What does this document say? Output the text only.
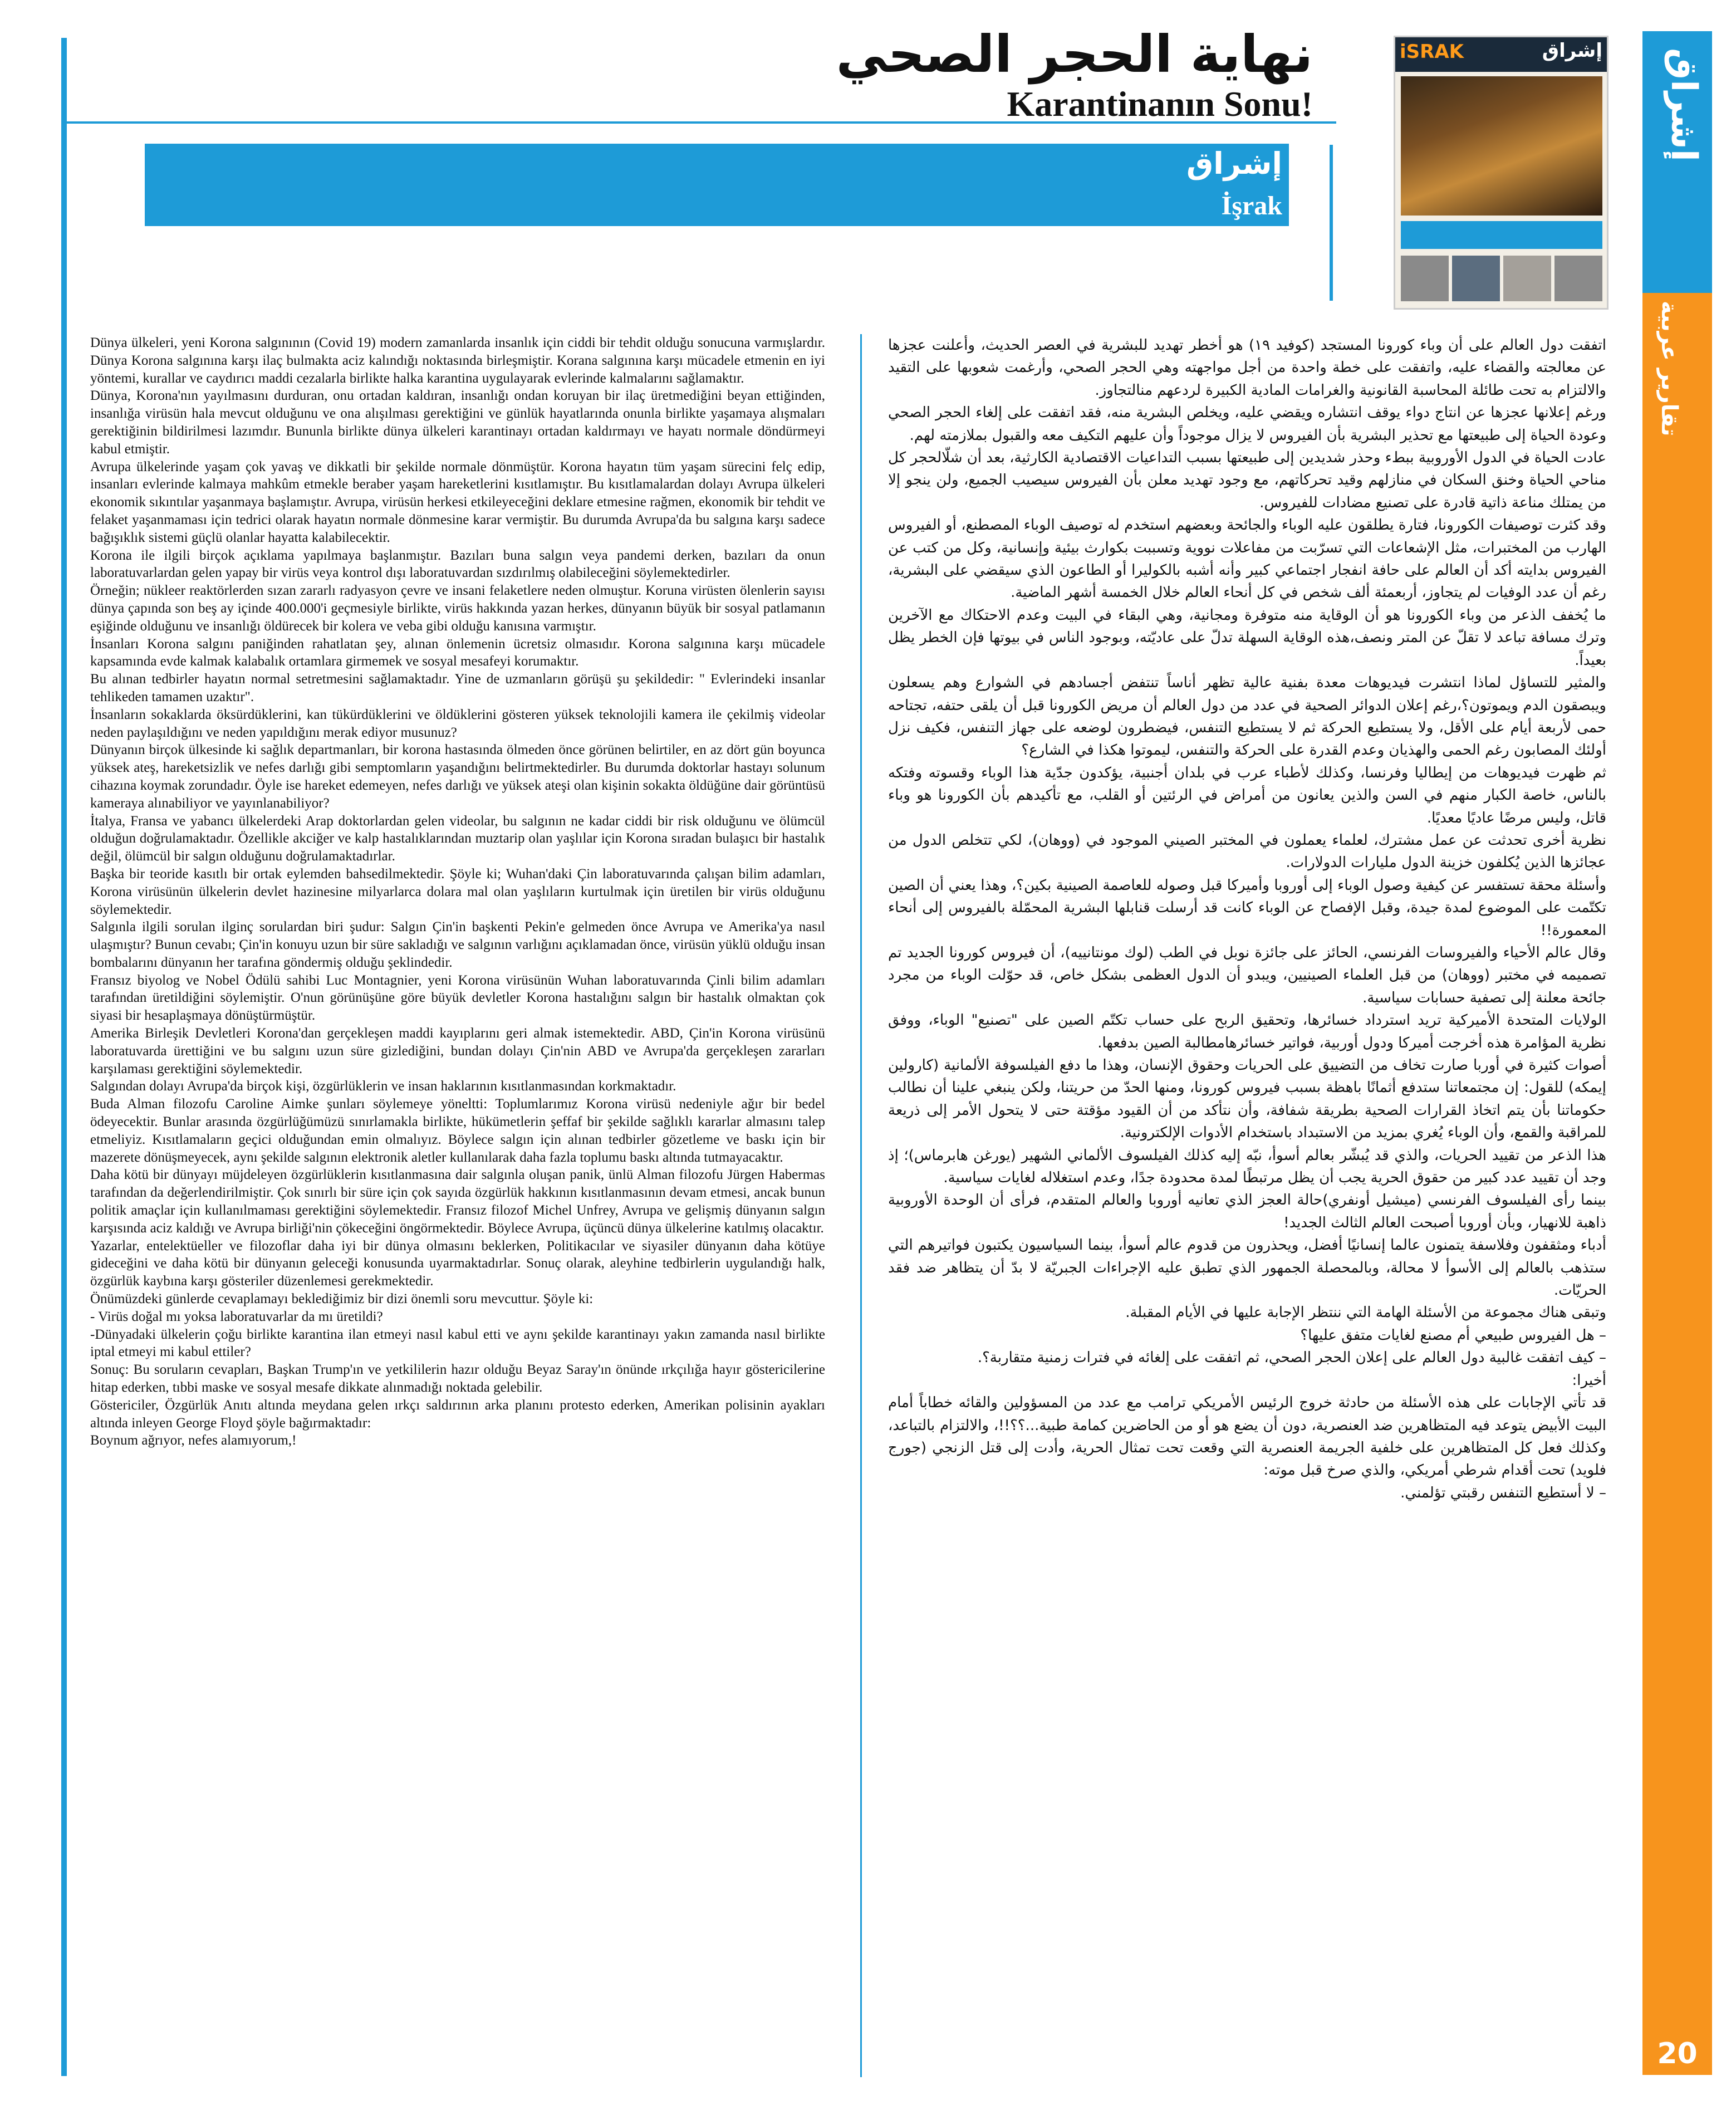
نهاية الحجر الصحي
Karantinanın Sonu!
إشراق
İşrak
iSRAK	إشراق	إشراق
تقارير عربية
20

Dünya ülkeleri, yeni Korona salgınının (Covid 19) modern zamanlarda insanlık için ciddi bir tehdit olduğu sonucuna varmışlardır. Dünya Korona salgınına karşı ilaç bulmakta aciz kalındığı noktasında birleşmiştir. Korana salgınına karşı mücadele etmenin en iyi yöntemi, kurallar ve caydırıcı maddi cezalarla birlikte halka karantina uygulayarak evlerinde kalmalarını sağlamaktır.

Dünya, Korona'nın yayılmasını durduran, onu ortadan kaldıran, insanlığı ondan koruyan bir ilaç üretmediğini beyan ettiğinden, insanlığa virüsün hala mevcut olduğunu ve ona alışılması gerektiğini ve günlük hayatlarında onunla birlikte yaşamaya alışmaları gerektiğinin bildirilmesi lazımdır. Bununla birlikte dünya ülkeleri karantinayı ortadan kaldırmayı ve hayatı normale döndürmeyi kabul etmiştir.

Avrupa ülkelerinde yaşam çok yavaş ve dikkatli bir şekilde normale dönmüştür. Korona hayatın tüm yaşam sürecini felç edip, insanları evlerinde kalmaya mahkûm etmekle beraber yaşam hareketlerini kısıtlamıştır. Bu kısıtlamalardan dolayı Avrupa ülkeleri ekonomik sıkıntılar yaşanmaya başlamıştır. Avrupa, virüsün herkesi etkileyeceğini deklare etmesine rağmen, ekonomik bir tehdit ve felaket yaşanmaması için tedrici olarak hayatın normale dönmesine karar vermiştir. Bu durumda Avrupa'da bu salgına karşı sadece bağışıklık sistemi güçlü olanlar hayatta kalabilecektir.

Korona ile ilgili birçok açıklama yapılmaya başlanmıştır. Bazıları buna salgın veya pandemi derken, bazıları da onun laboratuvarlardan gelen yapay bir virüs veya kontrol dışı laboratuvardan sızdırılmış olabileceğini söylemektedirler.

Örneğin; nükleer reaktörlerden sızan zararlı radyasyon çevre ve insani felaketlere neden olmuştur. Koruna virüsten ölenlerin sayısı dünya çapında son beş ay içinde 400.000'i geçmesiyle birlikte, virüs hakkında yazan herkes, dünyanın büyük bir sosyal patlamanın eşiğinde olduğunu ve insanlığı öldürecek bir kolera ve veba gibi olduğu kanısına varmıştır.

İnsanları Korona salgını paniğinden rahatlatan şey, alınan önlemenin ücretsiz olmasıdır. Korona salgınına karşı mücadele kapsamında evde kalmak kalabalık ortamlara girmemek ve sosyal mesafeyi korumaktır.

Bu alınan tedbirler hayatın normal setretmesini sağlamaktadır. Yine de uzmanların görüşü şu şekildedir: " Evlerindeki insanlar tehlikeden tamamen uzaktır".

İnsanların sokaklarda öksürdüklerini, kan tükürdüklerini ve öldüklerini gösteren yüksek teknolojili kamera ile çekilmiş videolar neden paylaşıldığını ve neden yapıldığını merak ediyor musunuz?

Dünyanın birçok ülkesinde ki sağlık departmanları, bir korona hastasında ölmeden önce görünen belirtiler, en az dört gün boyunca yüksek ateş, hareketsizlik ve nefes darlığı gibi semptomların yaşandığını belirtmektedirler. Bu durumda doktorlar hastayı solunum cihazına koymak zorundadır. Öyle ise hareket edemeyen, nefes darlığı ve yüksek ateşi olan kişinin sokakta öldüğüne dair görüntüsü kameraya alınabiliyor ve yayınlanabiliyor?

İtalya, Fransa ve yabancı ülkelerdeki Arap doktorlardan gelen videolar, bu salgının ne kadar ciddi bir risk olduğunu ve ölümcül olduğun doğrulamaktadır. Özellikle akciğer ve kalp hastalıklarından muztarip olan yaşlılar için Korona sıradan bulaşıcı bir hastalık değil, ölümcül bir salgın olduğunu doğrulamaktadırlar.

Başka bir teoride kasıtlı bir ortak eylemden bahsedilmektedir. Şöyle ki; Wuhan'daki Çin laboratuvarında çalışan bilim adamları, Korona virüsünün ülkelerin devlet hazinesine milyarlarca dolara mal olan yaşlıların kurtulmak için üretilen bir virüs olduğunu söylemektedir.

Salgınla ilgili sorulan ilginç sorulardan biri şudur: Salgın Çin'in başkenti Pekin'e gelmeden önce Avrupa ve Amerika'ya nasıl ulaşmıştır? Bunun cevabı; Çin'in konuyu uzun bir süre sakladığı ve salgının varlığını açıklamadan önce, virüsün yüklü olduğu insan bombalarını dünyanın her tarafına göndermiş olduğu şeklindedir.

Fransız biyolog ve Nobel Ödülü sahibi Luc Montagnier, yeni Korona virüsünün Wuhan laboratuvarında Çinli bilim adamları tarafından üretildiğini söylemiştir. O'nun görünüşüne göre büyük devletler Korona hastalığını salgın bir hastalık olmaktan çok siyasi bir hesaplaşmaya dönüştürmüştür.

Amerika Birleşik Devletleri Korona'dan gerçekleşen maddi kayıplarını geri almak istemektedir. ABD, Çin'in Korona virüsünü laboratuvarda ürettiğini ve bu salgını uzun süre gizlediğini, bundan dolayı Çin'nin ABD ve Avrupa'da gerçekleşen zararları karşılaması gerektiğini söylemektedir.

Salgından dolayı Avrupa'da birçok kişi, özgürlüklerin ve insan haklarının kısıtlanmasından korkmaktadır.

Buda Alman filozofu Caroline Aimke şunları söylemeye yöneltti: Toplumlarımız Korona virüsü nedeniyle ağır bir bedel ödeyecektir. Bunlar arasında özgürlüğümüzü sınırlamakla birlikte, hükümetlerin şeffaf bir şekilde sağlıklı kararlar almasını talep etmeliyiz. Kısıtlamaların geçici olduğundan emin olmalıyız. Böylece salgın için alınan tedbirler gözetleme ve baskı için bir mazerete dönüşmeyecek, aynı şekilde salgının elektronik aletler kullanılarak daha fazla toplumu baskı altında tutmayacaktır.

Daha kötü bir dünyayı müjdeleyen özgürlüklerin kısıtlanmasına dair salgınla oluşan panik, ünlü Alman filozofu Jürgen Habermas tarafından da değerlendirilmiştir. Çok sınırlı bir süre için çok sayıda özgürlük hakkının kısıtlanmasının devam etmesi, ancak bunun politik amaçlar için kullanılmaması gerektiğini söylemektedir. Fransız filozof Michel Unfrey, Avrupa ve gelişmiş dünyanın salgın karşısında aciz kaldığı ve Avrupa birliği'nin çökeceğini öngörmektedir. Böylece Avrupa, üçüncü dünya ülkelerine katılmış olacaktır.

Yazarlar, entelektüeller ve filozoflar daha iyi bir dünya olmasını beklerken, Politikacılar ve siyasiler dünyanın daha kötüye gideceğini ve daha kötü bir dünyanın geleceği konusunda uyarmaktadırlar. Sonuç olarak, aleyhine tedbirlerin uygulandığı halk, özgürlük kaybına karşı gösteriler düzenlemesi gerekmektedir.

Önümüzdeki günlerde cevaplamayı beklediğimiz bir dizi önemli soru mevcuttur. Şöyle ki:

- Virüs doğal mı yoksa laboratuvarlar da mı üretildi?

-Dünyadaki ülkelerin çoğu birlikte karantina ilan etmeyi nasıl kabul etti ve aynı şekilde karantinayı yakın zamanda nasıl birlikte iptal etmeyi mi kabul ettiler?

Sonuç: Bu soruların cevapları, Başkan Trump'ın ve yetkililerin hazır olduğu Beyaz Saray'ın önünde ırkçılığa hayır göstericilerine hitap ederken, tıbbi maske ve sosyal mesafe dikkate alınmadığı noktada gelebilir.

Göstericiler, Özgürlük Anıtı altında meydana gelen ırkçı saldırının arka planını protesto ederken, Amerikan polisinin ayakları altında inleyen George Floyd şöyle bağırmaktadır:

Boynum ağrıyor, nefes alamıyorum,!

اتفقت دول العالم على أن وباء كورونا المستجد (كوفيد ١٩) هو أخطر تهديد للبشرية في العصر الحديث، وأعلنت عجزها عن معالجته والقضاء عليه، واتفقت على خطة واحدة من أجل مواجهته وهي الحجر الصحي، وأرغمت شعوبها على التقيد والالتزام به تحت طائلة المحاسبة القانونية والغرامات المادية الكبيرة لردعهم منالتجاوز.

ورغم إعلانها عجزها عن انتاج دواء يوقف انتشاره ويقضي عليه، ويخلص البشرية منه، فقد اتفقت على إلغاء الحجر الصحي وعودة الحياة إلى طبيعتها مع تحذير البشرية بأن الفيروس لا يزال موجوداً وأن عليهم التكيف معه والقبول بملازمته لهم.

عادت الحياة في الدول الأوروبية ببطء وحذر شديدين إلى طبيعتها بسبب التداعيات الاقتصادية الكارثية، بعد أن شلّالحجر كل مناحي الحياة وخنق السكان في منازلهم وقيد تحركاتهم، مع وجود تهديد معلن بأن الفيروس سيصيب الجميع، ولن ينجو إلا من يمتلك مناعة ذاتية قادرة على تصنيع مضادات للفيروس.

وقد كثرت توصيفات الكورونا، فتارة يطلقون عليه الوباء والجائحة وبعضهم استخدم له توصيف الوباء المصطنع، أو الفيروس الهارب من المختبرات، مثل الإشعاعات التي تسرّبت من مفاعلات نووية وتسببت بكوارث بيئية وإنسانية، وكل من كتب عن الفيروس بدايته أكد أن العالم على حافة انفجار اجتماعي كبير وأنه أشبه بالكوليرا أو الطاعون الذي سيقضي على البشرية، رغم أن عدد الوفيات لم يتجاوز، أربعمئة ألف شخص في كل أنحاء العالم خلال الخمسة أشهر الماضية.

ما يُخفف الذعر من وباء الكورونا هو أن الوقاية منه متوفرة ومجانية، وهي البقاء في البيت وعدم الاحتكاك مع الآخرين وترك مسافة تباعد لا تقلّ عن المتر ونصف،هذه الوقاية السهلة تدلّ على عاديّته، وبوجود الناس في بيوتها فإن الخطر يظل بعيداً.

والمثير للتساؤل لماذا انتشرت فيديوهات معدة بفنية عالية تظهر أناساً تنتفض أجسادهم في الشوارع وهم يسعلون ويبصقون الدم ويموتون؟،رغم إعلان الدوائر الصحية في عدد من دول العالم أن مريض الكورونا قبل أن يلقى حتفه، تجتاحه حمى لأربعة أيام على الأقل، ولا يستطيع الحركة ثم لا يستطيع التنفس، فيضطرون لوضعه على جهاز التنفس، فكيف نزل أولئك المصابون رغم الحمى والهذيان وعدم القدرة على الحركة والتنفس، ليموتوا هكذا في الشارع؟

ثم ظهرت فيديوهات من إيطاليا وفرنسا، وكذلك لأطباء عرب في بلدان أجنبية، يؤكدون جدّية هذا الوباء وقسوته وفتكه بالناس، خاصة الكبار منهم في السن والذين يعانون من أمراض في الرئتين أو القلب، مع تأكيدهم بأن الكورونا هو وباء قاتل، وليس مرضًا عاديًا معديًا.

نظرية أخرى تحدثت عن عمل مشترك، لعلماء يعملون في المختبر الصيني الموجود في (ووهان)، لكي تتخلص الدول من عجائزها الذين يُكلفون خزينة الدول مليارات الدولارات.

وأسئلة محقة تستفسر عن كيفية وصول الوباء إلى أوروبا وأميركا قبل وصوله للعاصمة الصينية بكين؟، وهذا يعني أن الصين تكتّمت على الموضوع لمدة جيدة، وقبل الإفصاح عن الوباء كانت قد أرسلت قنابلها البشرية المحمّلة بالفيروس إلى أنحاء المعمورة!!

وقال عالم الأحياء والفيروسات الفرنسي، الحائز على جائزة نوبل في الطب (لوك مونتانييه)، أن فيروس كورونا الجديد تم تصميمه في مختبر (ووهان) من قبل العلماء الصينيين، ويبدو أن الدول العظمى بشكل خاص، قد حوّلت الوباء من مجرد جائحة معلنة إلى تصفية حسابات سياسية.

الولايات المتحدة الأميركية تريد استرداد خسائرها، وتحقيق الربح على حساب تكتّم الصين على "تصنيع" الوباء، ووفق نظرية المؤامرة هذه أخرجت أميركا ودول أوربية، فواتير خسائرهامطالبة الصين بدفعها.

أصوات كثيرة في أوربا صارت تخاف من التضييق على الحريات وحقوق الإنسان، وهذا ما دفع الفيلسوفة الألمانية (كارولين إيمكه) للقول: إن مجتمعاتنا ستدفع أثمانًا باهظة بسبب فيروس كورونا، ومنها الحدّ من حريتنا، ولكن ينبغي علينا أن نطالب حكوماتنا بأن يتم اتخاذ القرارات الصحية بطريقة شفافة، وأن نتأكد من أن القيود مؤقتة حتى لا يتحول الأمر إلى ذريعة للمراقبة والقمع، وأن الوباء يُغري بمزيد من الاستبداد باستخدام الأدوات الإلكترونية.

هذا الذعر من تقييد الحريات، والذي قد يُبشّر بعالم أسوأ، نبّه إليه كذلك الفيلسوف الألماني الشهير (يورغن هابرماس)؛ إذ وجد أن تقييد عدد كبير من حقوق الحرية يجب أن يظل مرتبطًا لمدة محدودة جدًا، وعدم استغلاله لغايات سياسية.

بينما رأى الفيلسوف الفرنسي (ميشيل أونفري)حالة العجز الذي تعانيه أوروبا والعالم المتقدم، فرأى أن الوحدة الأوروبية ذاهبة للانهيار، وبأن أوروبا أصبحت العالم الثالث الجديد!

أدباء ومثقفون وفلاسفة يتمنون عالما إنسانيًا أفضل، ويحذرون من قدوم عالم أسوأ، بينما السياسيون يكتبون فواتيرهم التي ستذهب بالعالم إلى الأسوأ لا محالة، وبالمحصلة الجمهور الذي تطبق عليه الإجراءات الجبريّة لا بدّ أن يتظاهر ضد فقد الحريّات.

وتبقى هناك مجموعة من الأسئلة الهامة التي ننتظر الإجابة عليها في الأيام المقبلة.

– هل الفيروس طبيعي أم مصنع لغايات متفق عليها؟

– كيف اتفقت غالبية دول العالم على إعلان الحجر الصحي، ثم اتفقت على إلغائه في فترات زمنية متقاربة؟.

أخيرا:

قد تأتي الإجابات على هذه الأسئلة من حادثة خروج الرئيس الأمريكي ترامب مع عدد من المسؤولين والقائه خطاباً أمام البيت الأبيض يتوعد فيه المتظاهرين ضد العنصرية، دون أن يضع هو أو من الحاضرين كمامة طبية...؟؟!!، والالتزام بالتباعد، وكذلك فعل كل المتظاهرين على خلفية الجريمة العنصرية التي وقعت تحت تمثال الحرية، وأدت إلى قتل الزنجي (جورج فلويد) تحت أقدام شرطي أمريكي، والذي صرخ قبل موته:

– لا أستطيع التنفس رقبتي تؤلمني.
